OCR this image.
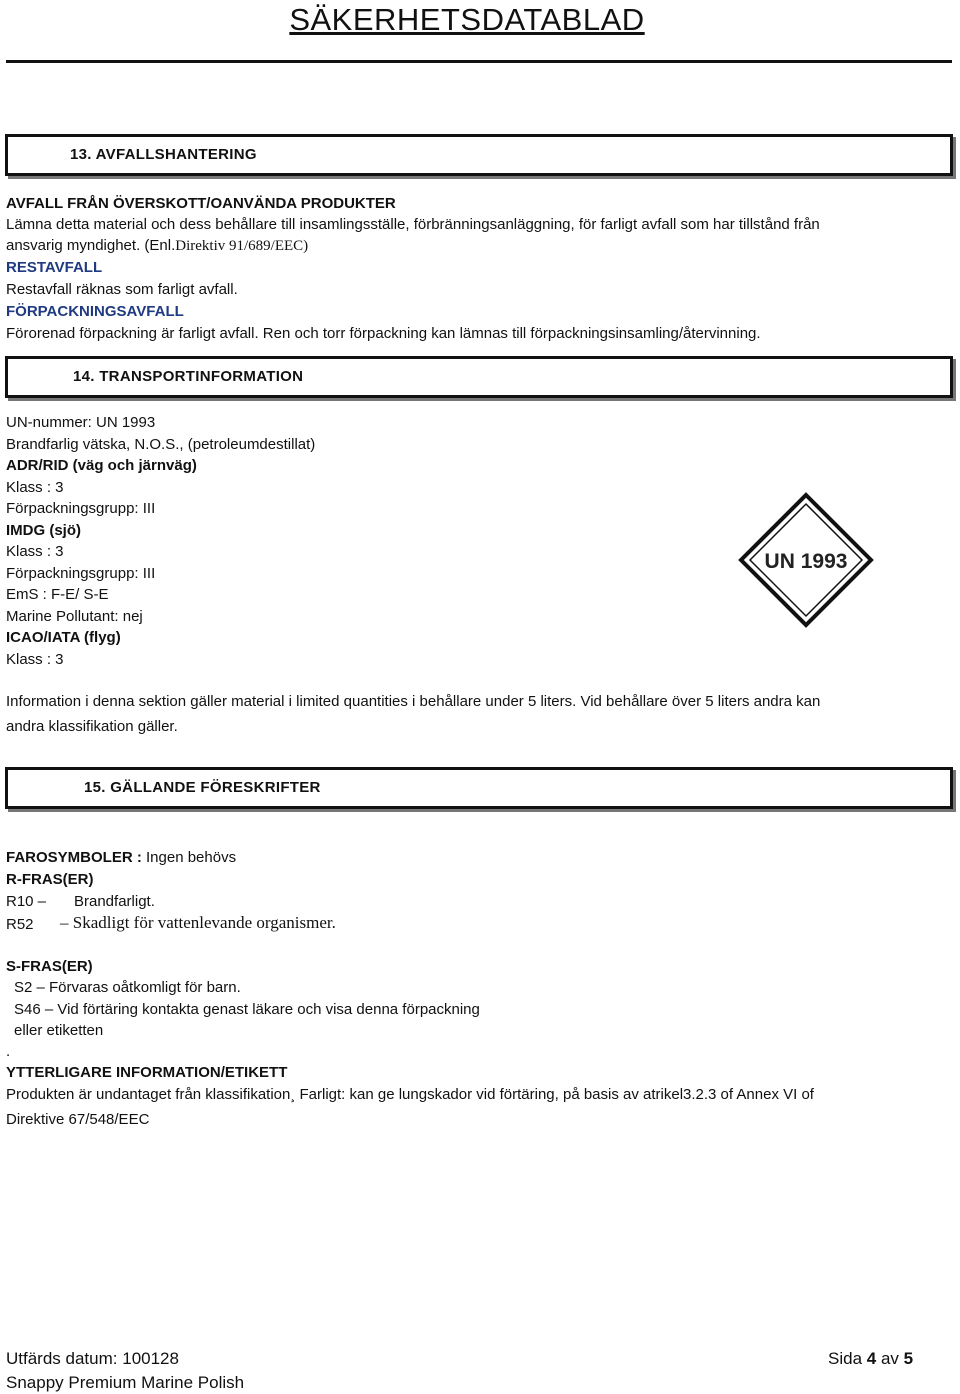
SÄKERHETSDATABLAD
13. AVFALLSHANTERING
AVFALL FRÅN ÖVERSKOTT/OANVÄNDA PRODUKTER
Lämna detta material och dess behållare till insamlingsställe, förbränningsanläggning, för farligt avfall som har tillstånd från
ansvarig myndighet. (Enl.Direktiv 91/689/EEC)
RESTAVFALL
Restavfall räknas som farligt avfall.
FÖRPACKNINGSAVFALL
Förorenad förpackning är farligt avfall. Ren och torr förpackning kan lämnas till förpackningsinsamling/återvinning.
14. TRANSPORTINFORMATION
UN-nummer: UN 1993
Brandfarlig vätska, N.O.S., (petroleumdestillat)
ADR/RID (väg och järnväg)
Klass : 3
Förpackningsgrupp: III
IMDG (sjö)
Klass : 3
Förpackningsgrupp: III
EmS : F-E/ S-E
Marine Pollutant: nej
ICAO/IATA (flyg)
Klass : 3
UN 1993
Information i denna sektion gäller material i limited quantities i behållare under 5 liters. Vid behållare över 5 liters andra kan
andra klassifikation gäller.
15. GÄLLANDE FÖRESKRIFTER
FAROSYMBOLER : Ingen behövs
R-FRAS(ER)
R10 – Brandfarligt.
R52 – Skadligt för vattenlevande organismer.
S-FRAS(ER)
S2 – Förvaras oåtkomligt för barn.
S46 – Vid förtäring kontakta genast läkare och visa denna förpackning
eller etiketten
.
YTTERLIGARE INFORMATION/ETIKETT
Produkten är undantaget från klassifikation¸ Farligt: kan ge lungskador vid förtäring, på basis av atrikel3.2.3 of Annex VI of
Direktive 67/548/EEC
Utfärds datum: 100128
Snappy Premium Marine Polish
Sida 4 av 5
